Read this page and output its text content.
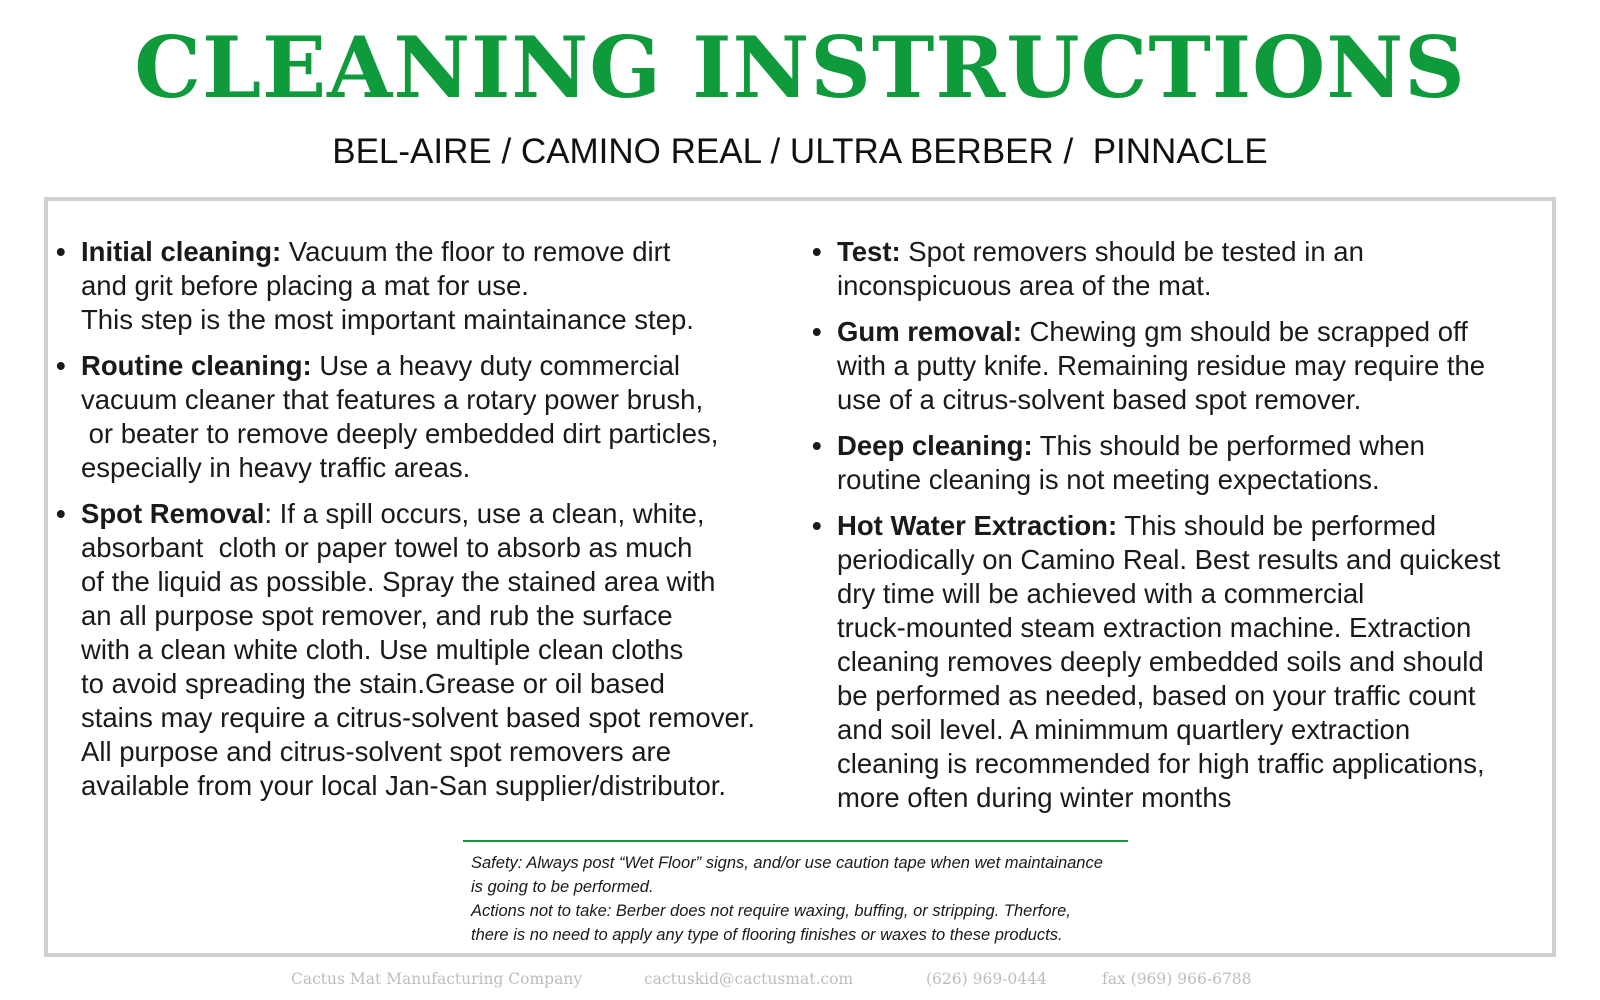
CLEANING INSTRUCTIONS
BEL-AIRE / CAMINO REAL / ULTRA BERBER /  PINNACLE
• Initial cleaning: Vacuum the floor to remove dirt
and grit before placing a mat for use.
This step is the most important maintainance step.
• Routine cleaning: Use a heavy duty commercial
vacuum cleaner that features a rotary power brush,
or beater to remove deeply embedded dirt particles,
especially in heavy traffic areas.
• Spot Removal: If a spill occurs, use a clean, white,
absorbant  cloth or paper towel to absorb as much
of the liquid as possible. Spray the stained area with
an all purpose spot remover, and rub the surface
with a clean white cloth. Use multiple clean cloths
to avoid spreading the stain.Grease or oil based
stains may require a citrus-solvent based spot remover.
All purpose and citrus-solvent spot removers are
available from your local Jan-San supplier/distributor.
• Test: Spot removers should be tested in an
inconspicuous area of the mat.
• Gum removal: Chewing gm should be scrapped off
with a putty knife. Remaining residue may require the
use of a citrus-solvent based spot remover.
• Deep cleaning: This should be performed when
routine cleaning is not meeting expectations.
• Hot Water Extraction: This should be performed
periodically on Camino Real. Best results and quickest
dry time will be achieved with a commercial
truck-mounted steam extraction machine. Extraction
cleaning removes deeply embedded soils and should
be performed as needed, based on your traffic count
and soil level. A minimmum quartlery extraction
cleaning is recommended for high traffic applications,
more often during winter months
Safety: Always post “Wet Floor” signs, and/or use caution tape when wet maintainance
is going to be performed.
Actions not to take: Berber does not require waxing, buffing, or stripping. Therfore,
there is no need to apply any type of flooring finishes or waxes to these products.
Cactus Mat Manufacturing Company	cactuskid@cactusmat.com	(626) 969-0444	fax (969) 966-6788
